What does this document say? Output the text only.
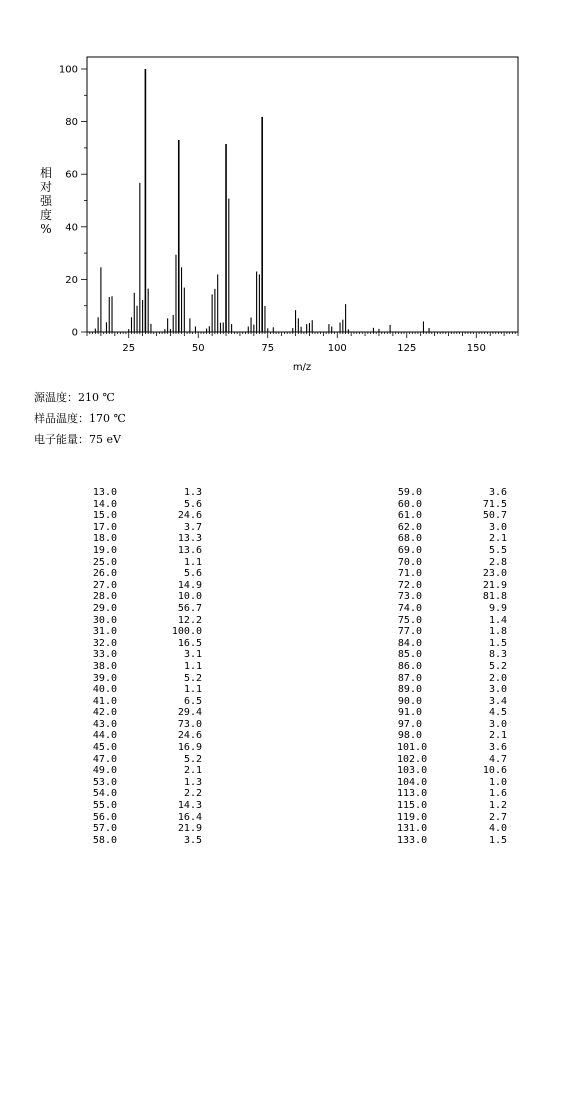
25	50	75	100	125	150
0
20
40
60
80
100
m/z
相
对
强
度
%
源温度：210 ℃
样品温度：170 ℃
电子能量：75 eV
13.0	1.3
14.0	5.6
15.0	24.6
17.0	3.7
18.0	13.3
19.0	13.6
25.0	1.1
26.0	5.6
27.0	14.9
28.0	10.0
29.0	56.7
30.0	12.2
31.0	100.0
32.0	16.5
33.0	3.1
38.0	1.1
39.0	5.2
40.0	1.1
41.0	6.5
42.0	29.4
43.0	73.0
44.0	24.6
45.0	16.9
47.0	5.2
49.0	2.1
53.0	1.3
54.0	2.2
55.0	14.3
56.0	16.4
57.0	21.9
58.0	3.5
59.0	3.6
60.0	71.5
61.0	50.7
62.0	3.0
68.0	2.1
69.0	5.5
70.0	2.8
71.0	23.0
72.0	21.9
73.0	81.8
74.0	9.9
75.0	1.4
77.0	1.8
84.0	1.5
85.0	8.3
86.0	5.2
87.0	2.0
89.0	3.0
90.0	3.4
91.0	4.5
97.0	3.0
98.0	2.1
101.0	3.6
102.0	4.7
103.0	10.6
104.0	1.0
113.0	1.6
115.0	1.2
119.0	2.7
131.0	4.0
133.0	1.5
